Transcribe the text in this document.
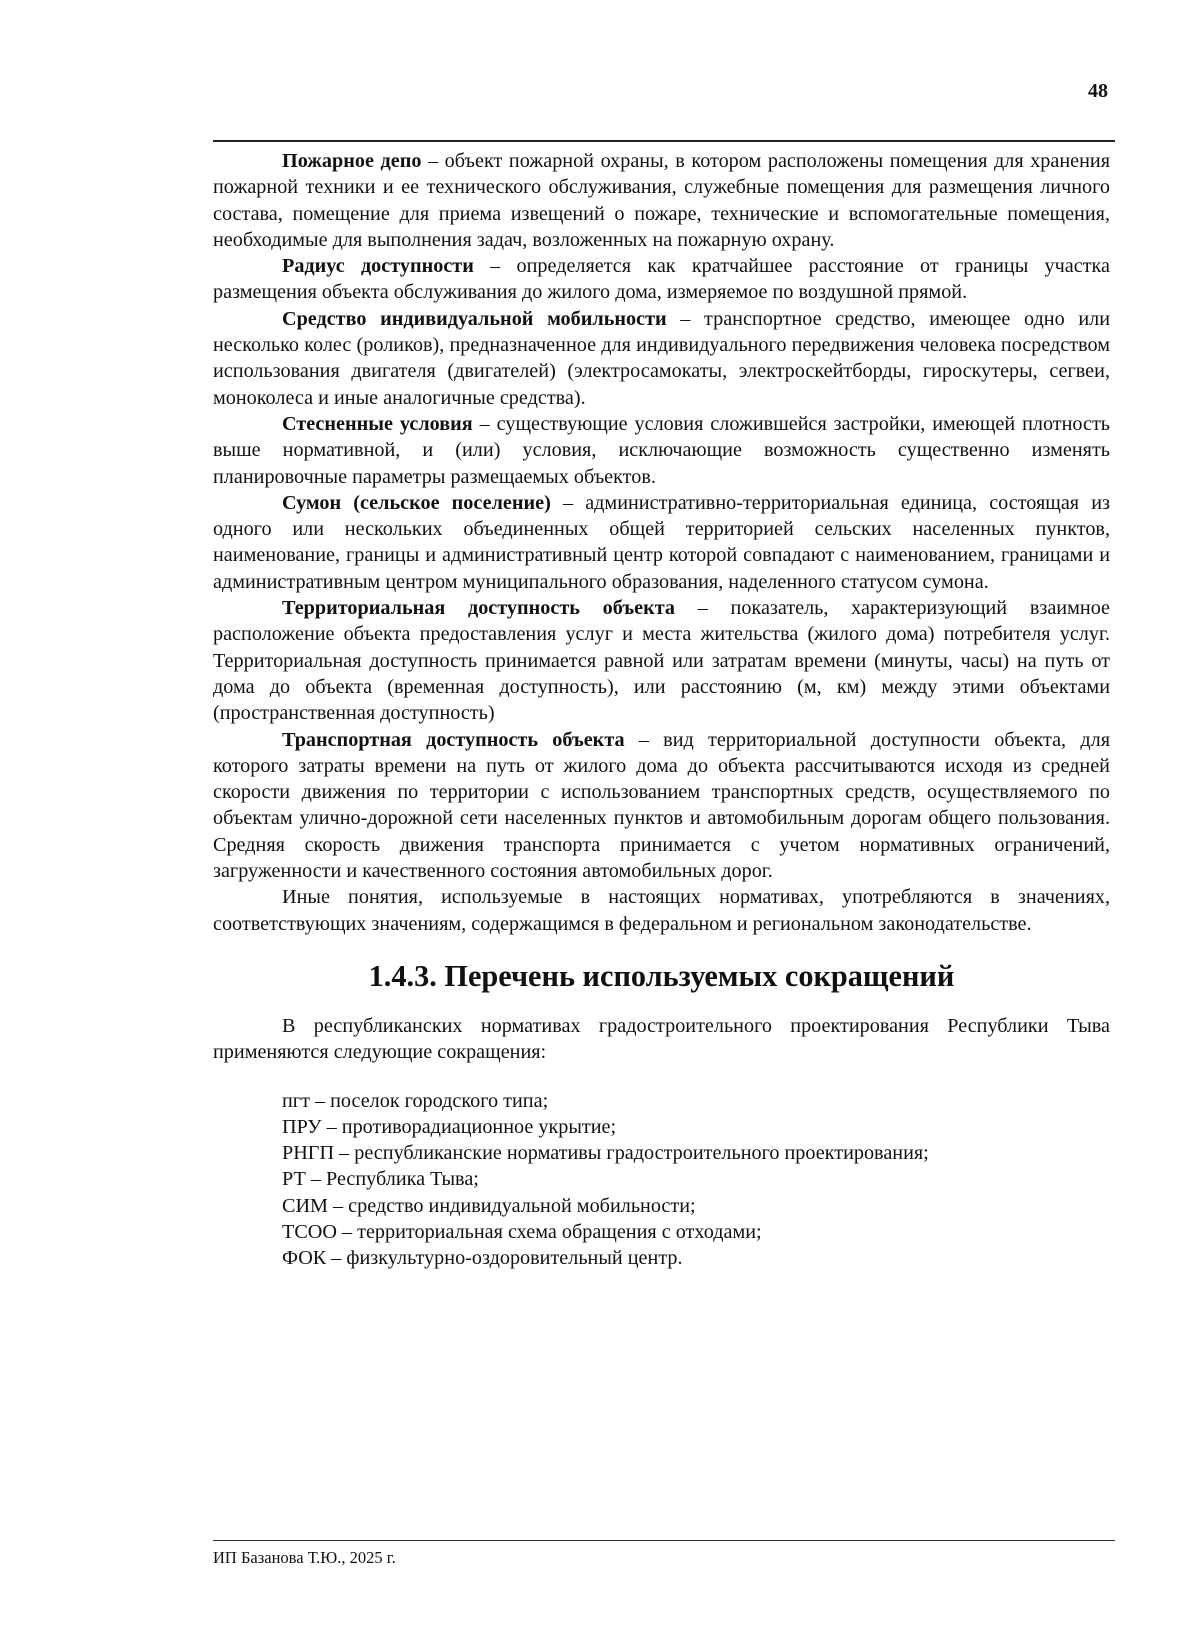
48

Пожарное депо – объект пожарной охраны, в котором расположены помещения для хранения пожарной техники и ее технического обслуживания, служебные помещения для размещения личного состава, помещение для приема извещений о пожаре, технические и вспомогательные помещения, необходимые для выполнения задач, возложенных на пожарную охрану.

Радиус доступности – определяется как кратчайшее расстояние от границы участка размещения объекта обслуживания до жилого дома, измеряемое по воздушной прямой.

Средство индивидуальной мобильности – транспортное средство, имеющее одно или несколько колес (роликов), предназначенное для индивидуального передвижения человека посредством использования двигателя (двигателей) (электросамокаты, электроскейтборды, гироскутеры, сегвеи, моноколеса и иные аналогичные средства).

Стесненные условия – существующие условия сложившейся застройки, имеющей плотность выше нормативной, и (или) условия, исключающие возможность существенно изменять планировочные параметры размещаемых объектов.

Сумон (сельское поселение) – административно-территориальная единица, состоящая из одного или нескольких объединенных общей территорией сельских населенных пунктов, наименование, границы и административный центр которой совпадают с наименованием, границами и административным центром муниципального образования, наделенного статусом сумона.

Территориальная доступность объекта – показатель, характеризующий взаимное расположение объекта предоставления услуг и места жительства (жилого дома) потребителя услуг. Территориальная доступность принимается равной или затратам времени (минуты, часы) на путь от дома до объекта (временная доступность), или расстоянию (м, км) между этими объектами (пространственная доступность)

Транспортная доступность объекта – вид территориальной доступности объекта, для которого затраты времени на путь от жилого дома до объекта рассчитываются исходя из средней скорости движения по территории с использованием транспортных средств, осуществляемого по объектам улично-дорожной сети населенных пунктов и автомобильным дорогам общего пользования. Средняя скорость движения транспорта принимается с учетом нормативных ограничений, загруженности и качественного состояния автомобильных дорог.

Иные понятия, используемые в настоящих нормативах, употребляются в значениях, соответствующих значениям, содержащимся в федеральном и региональном законодательстве.

1.4.3. Перечень используемых сокращений

В республиканских нормативах градостроительного проектирования Республики Тыва применяются следующие сокращения:

пгт – поселок городского типа;
ПРУ – противорадиационное укрытие;
РНГП – республиканские нормативы градостроительного проектирования;
РТ – Республика Тыва;
СИМ – средство индивидуальной мобильности;
ТСОО – территориальная схема обращения с отходами;
ФОК – физкультурно-оздоровительный центр.
ИП Базанова Т.Ю., 2025 г.
